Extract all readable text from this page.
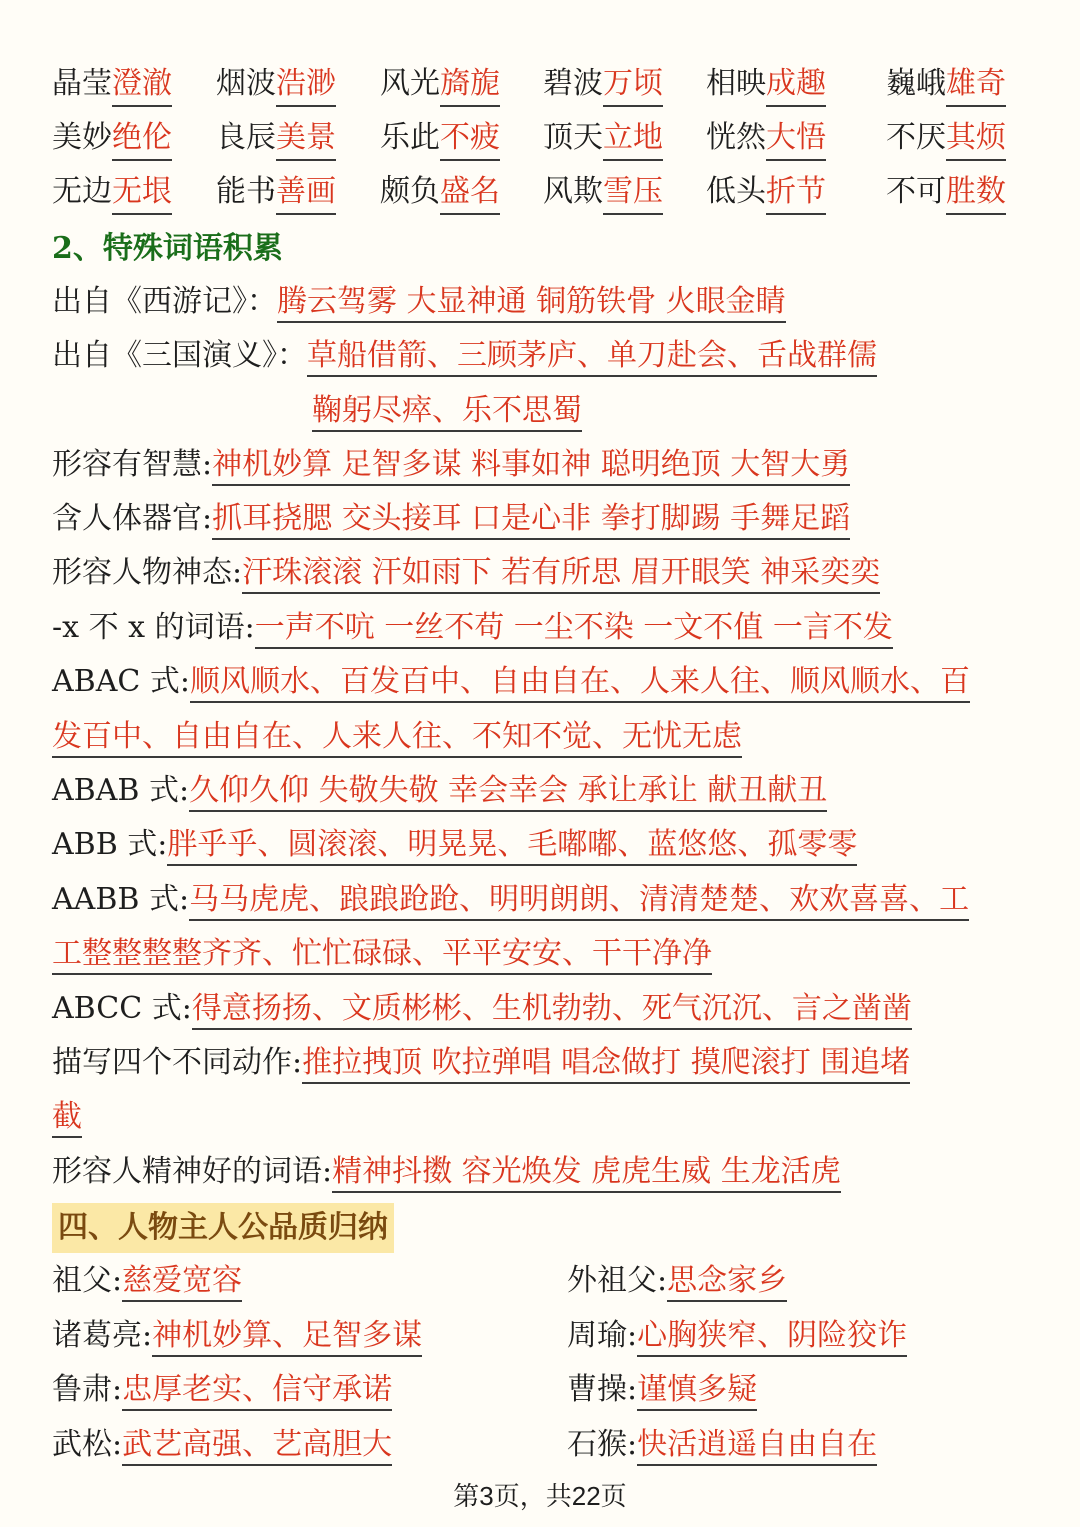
晶莹澄澈 烟波浩渺 风光旖旎 碧波万顷 相映成趣 巍峨雄奇
美妙绝伦 良辰美景 乐此不疲 顶天立地 恍然大悟 不厌其烦
无边无垠 能书善画 颇负盛名 风欺雪压 低头折节 不可胜数
2、特殊词语积累
出自《西游记》：腾云驾雾 大显神通 铜筋铁骨 火眼金睛
出自《三国演义》：草船借箭、三顾茅庐、单刀赴会、舌战群儒
鞠躬尽瘁、乐不思蜀
形容有智慧:神机妙算 足智多谋 料事如神 聪明绝顶 大智大勇
含人体器官:抓耳挠腮 交头接耳 口是心非 拳打脚踢 手舞足蹈
形容人物神态:汗珠滚滚 汗如雨下 若有所思 眉开眼笑 神采奕奕
-x 不 x 的词语:一声不吭 一丝不苟 一尘不染 一文不值 一言不发
ABAC 式:顺风顺水、百发百中、自由自在、人来人往、顺风顺水、百
发百中、自由自在、人来人往、不知不觉、无忧无虑
ABAB 式:久仰久仰 失敬失敬 幸会幸会 承让承让 献丑献丑
ABB 式:胖乎乎、圆滚滚、明晃晃、毛嘟嘟、蓝悠悠、孤零零
AABB 式:马马虎虎、踉踉跄跄、明明朗朗、清清楚楚、欢欢喜喜、工
工整整整整齐齐、忙忙碌碌、平平安安、干干净净
ABCC 式:得意扬扬、文质彬彬、生机勃勃、死气沉沉、言之凿凿
描写四个不同动作:推拉拽顶 吹拉弹唱 唱念做打 摸爬滚打 围追堵
截
形容人精神好的词语:精神抖擞 容光焕发 虎虎生威 生龙活虎
四、人物主人公品质归纳
祖父:慈爱宽容
诸葛亮:神机妙算、足智多谋
鲁肃:忠厚老实、信守承诺
武松:武艺高强、艺高胆大
外祖父:思念家乡
周瑜:心胸狭窄、阴险狡诈
曹操:谨慎多疑
石猴:快活逍遥自由自在
第3页，共22页
